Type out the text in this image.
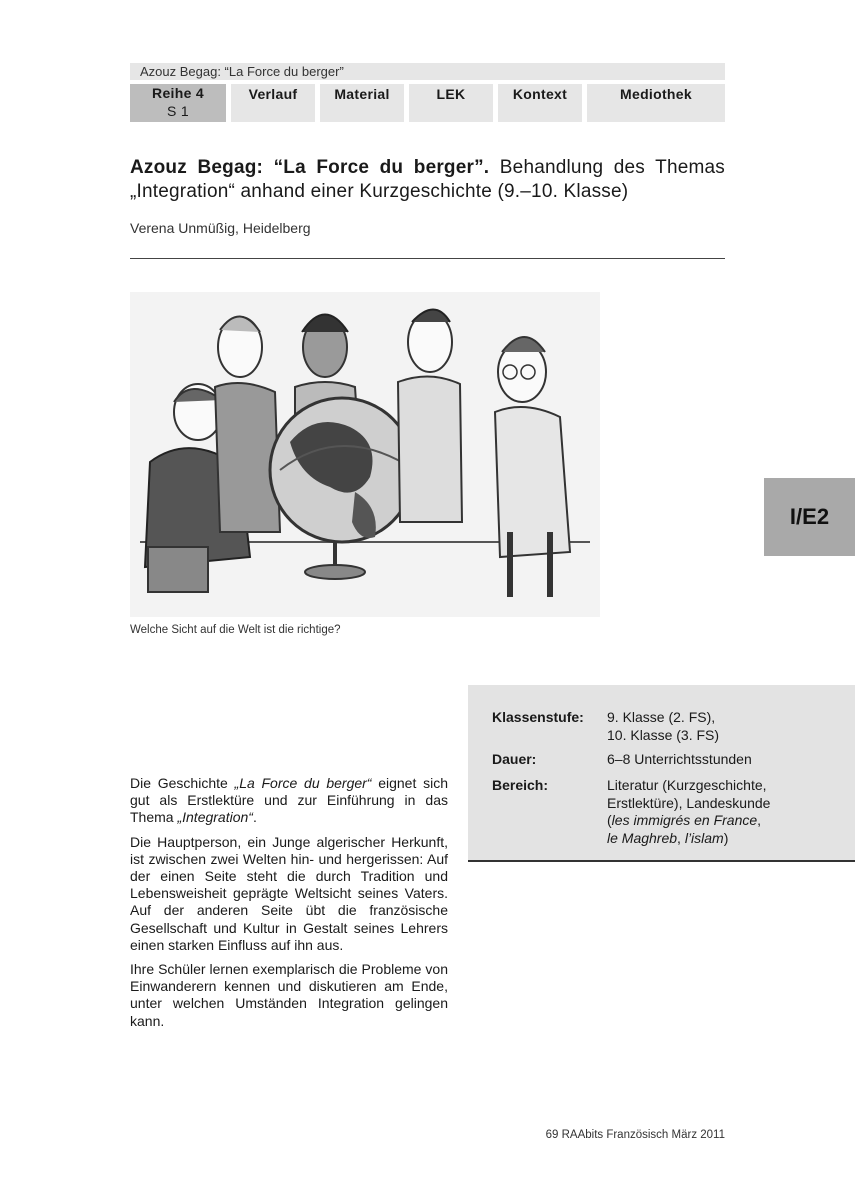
Azouz Begag: “La Force du berger”
Reihe 4
S 1
Verlauf	Material	LEK	Kontext	Mediothek
Azouz Begag: “La Force du berger”. Behandlung des Themas „Integration“ anhand einer Kurzgeschichte (9.–10. Klasse)
Verena Unmüßig, Heidelberg
Welche Sicht auf die Welt ist die richtige?
I/E2
Klassenstufe:	9. Klasse (2. FS),
10. Klasse (3. FS)
Dauer:	6–8 Unterrichtsstunden
Bereich:	Literatur (Kurzgeschichte,
Erstlektüre), Landeskunde
(les immigrés en France,
le Maghreb, l’islam)

Die Geschichte „La Force du berger“ eignet sich gut als Erstlektüre und zur Einführung in das Thema „Integration“.

Die Hauptperson, ein Junge algerischer Herkunft, ist zwischen zwei Welten hin- und hergerissen: Auf der einen Seite steht die durch Tradition und Lebensweisheit geprägte Weltsicht seines Vaters. Auf der anderen Seite übt die französische Gesellschaft und Kultur in Gestalt seines Lehrers einen starken Einfluss auf ihn aus.

Ihre Schüler lernen exemplarisch die Probleme von Einwanderern kennen und diskutieren am Ende, unter welchen Umständen Integration gelingen kann.

69 RAAbits Französisch März 2011
